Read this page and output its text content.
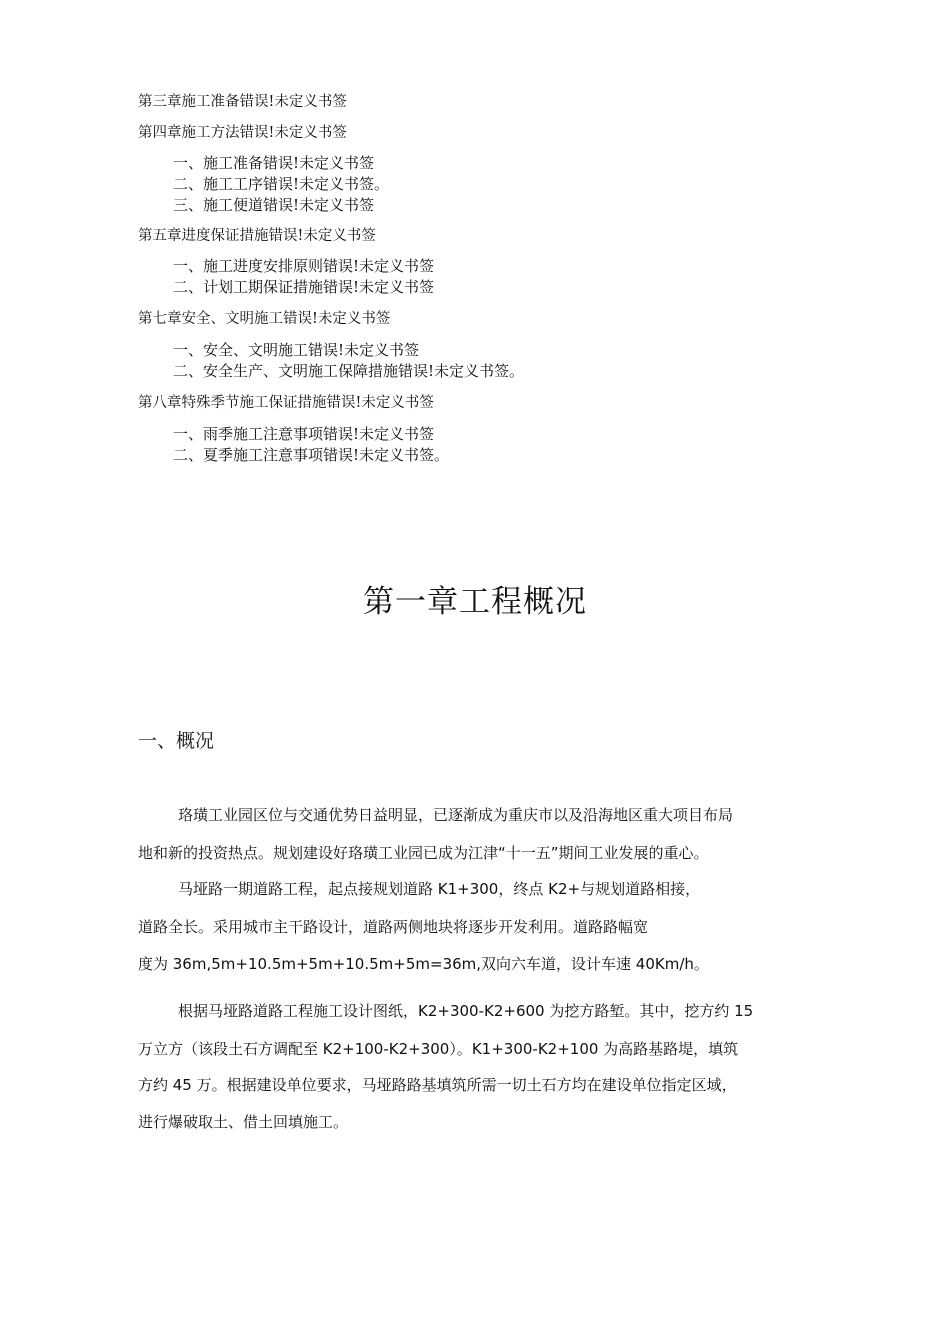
第三章施工准备错误!未定义书签
第四章施工方法错误!未定义书签
一、施工准备错误!未定义书签
二、施工工序错误!未定义书签。
三、施工便道错误!未定义书签
第五章进度保证措施错误!未定义书签
一、施工进度安排原则错误!未定义书签
二、计划工期保证措施错误!未定义书签
第七章安全、文明施工错误!未定义书签
一、安全、文明施工错误!未定义书签
二、安全生产、文明施工保障措施错误!未定义书签。
第八章特殊季节施工保证措施错误!未定义书签
一、雨季施工注意事项错误!未定义书签
二、夏季施工注意事项错误!未定义书签。
第一章工程概况
一、概况
珞璜工业园区位与交通优势日益明显，已逐渐成为重庆市以及沿海地区重大项目布局
地和新的投资热点。规划建设好珞璜工业园已成为江津“十一五”期间工业发展的重心。
马垭路一期道路工程，起点接规划道路 K1+300，终点 K2+与规划道路相接，
道路全长。采用城市主干路设计，道路两侧地块将逐步开发利用。道路路幅宽
度为 36m,5m+10.5m+5m+10.5m+5m=36m,双向六车道，设计车速 40Km/h。
根据马垭路道路工程施工设计图纸，K2+300-K2+600 为挖方路堑。其中，挖方约 15
万立方（该段土石方调配至 K2+100-K2+300）。K1+300-K2+100 为高路基路堤，填筑
方约 45 万。根据建设单位要求，马垭路路基填筑所需一切土石方均在建设单位指定区域，
进行爆破取土、借土回填施工。
